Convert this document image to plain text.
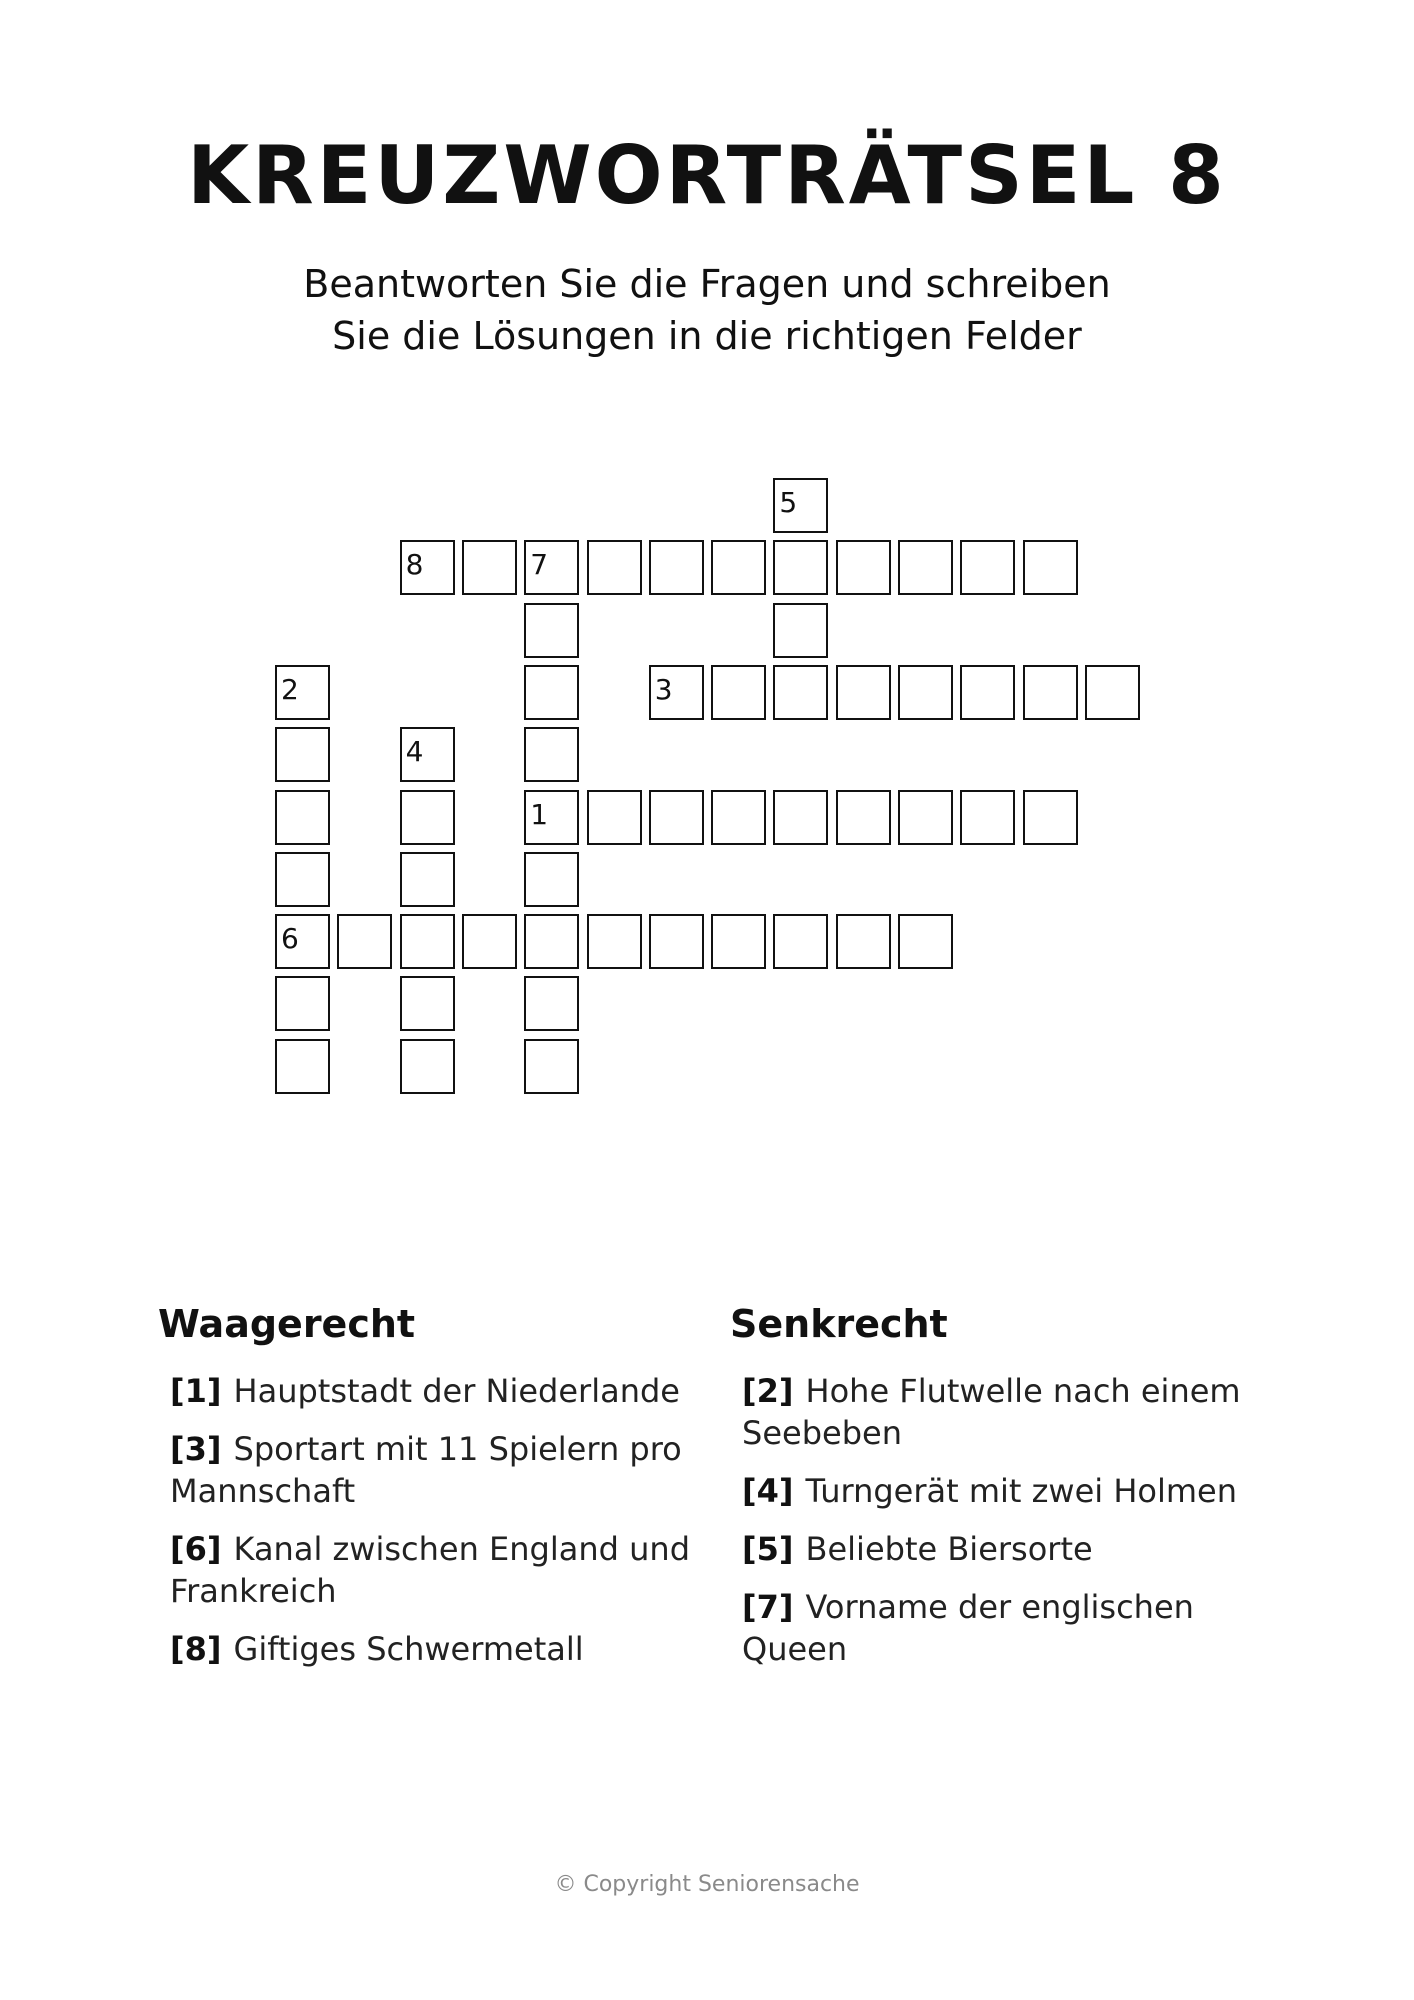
KREUZWORTRÄTSEL 8
Beantworten Sie die Fragen und schreiben
Sie die Lösungen in die richtigen Felder
1
2
6
3
4
5
7
8
Waagerecht
[1] Hauptstadt der Niederlande
[3] Sportart mit 11 Spielern pro Mannschaft
[6] Kanal zwischen England und Frankreich
[8] Giftiges Schwermetall
Senkrecht
[2] Hohe Flutwelle nach einem Seebeben
[4] Turngerät mit zwei Holmen
[5] Beliebte Biersorte
[7] Vorname der englischen Queen
© Copyright Seniorensache
